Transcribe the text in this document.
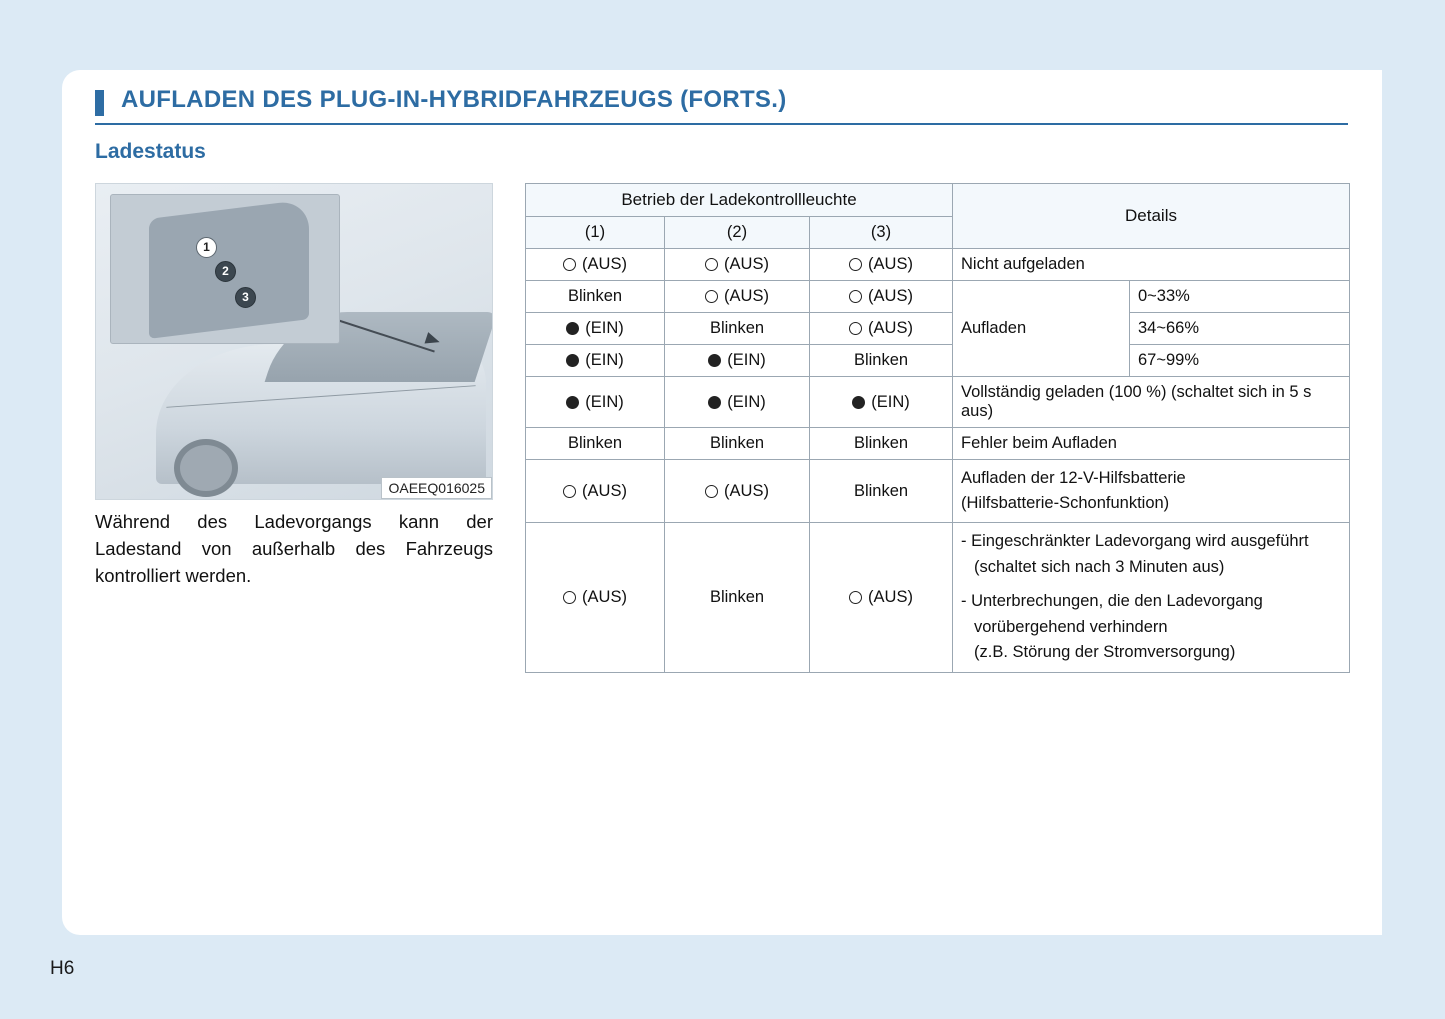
AUFLADEN DES PLUG-IN-HYBRIDFAHRZEUGS (FORTS.)
Ladestatus
1
2
3
OAEEQ016025
Während des Ladevorgangs kann der Ladestand von außerhalb des Fahrzeugs kontrolliert werden.
Betrieb der Ladekontrollleuchte			Details	
(1)	(2)	(3)		
(AUS)	(AUS)	(AUS)	Nicht aufgeladen	
Blinken	(AUS)	(AUS)	Aufladen	0~33%
(EIN)	Blinken	(AUS)		34~66%
(EIN)	(EIN)	Blinken		67~99%
(EIN)	(EIN)	(EIN)	Vollständig geladen (100 %) (schaltet sich in 5 s aus)	
Blinken	Blinken	Blinken	Fehler beim Aufladen	
(AUS)	(AUS)	Blinken	Aufladen der 12-V-Hilfsbatterie
(Hilfsbatterie-Schonfunktion)	

(AUS)	Blinken	(AUS)	- Eingeschränkter Ladevorgang wird ausgeführt
(schaltet sich nach 3 Minuten aus)
- Unterbrechungen, die den Ladevorgang
vorübergehend verhindern
(z.B. Störung der Stromversorgung)	
H6
